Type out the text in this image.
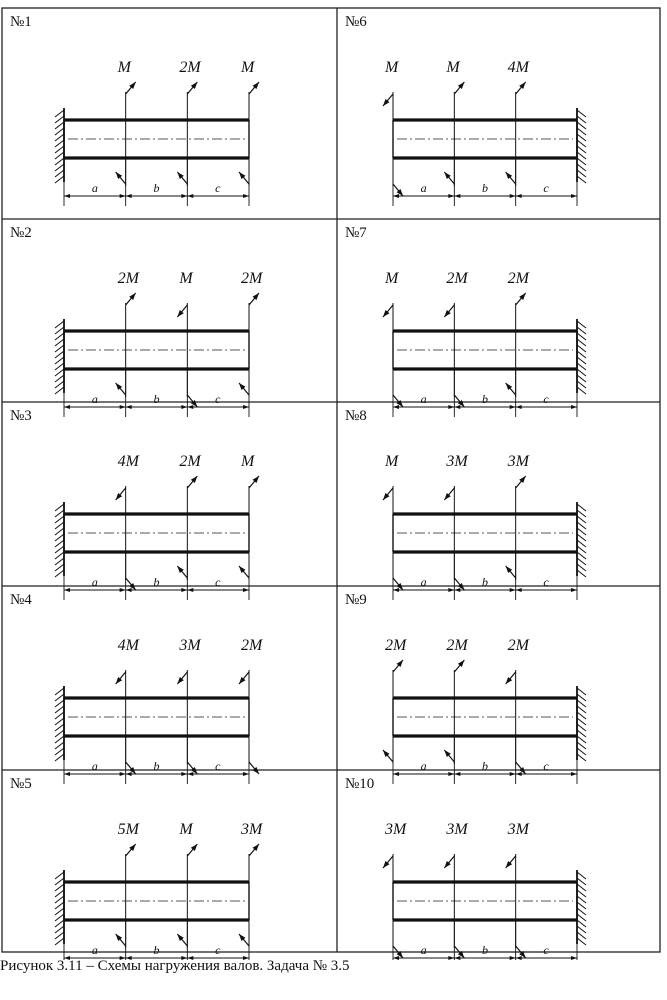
№1
a	b	c
M	2M	M
№2
a	b	c
2M	M	2M
№3
a	b	c
4M	2M	M
№4
a	b	c
4M	3M	2M
№5
a	b	c
5M	M	3M
№6
a	b	c
M	M	4M
№7
a	b	c
M	2M	2M
№8
a	b	c
M	3M	3M
№9
a	b	c
2M	2M	2M
№10
a	b	c
3M	3M	3M
Рисунок 3.11 – Схемы нагружения валов. Задача № 3.5
